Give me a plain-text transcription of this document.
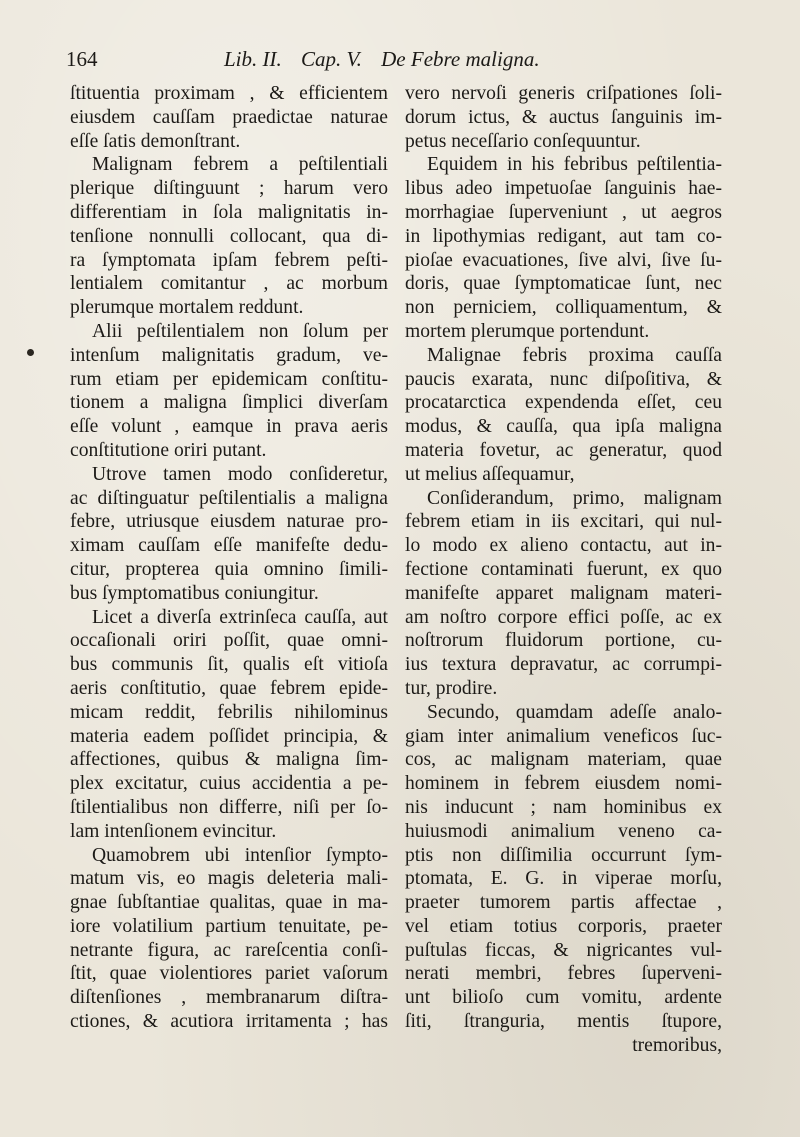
164	Lib. II. Cap. V. De Febre maligna.
ſtituentia proximam , & efficientem
eiusdem cauſſam praedictae naturae
eſſe ſatis demonſtrant.
Malignam febrem a peſtilentiali
plerique diſtinguunt ; harum vero
differentiam in ſola malignitatis in-
tenſione nonnulli collocant, qua di-
ra ſymptomata ipſam febrem peſti-
lentialem comitantur , ac morbum
plerumque mortalem reddunt.
Alii peſtilentialem non ſolum per
intenſum malignitatis gradum, ve-
rum etiam per epidemicam conſtitu-
tionem a maligna ſimplici diverſam
eſſe volunt , eamque in prava aeris
conſtitutione oriri putant.
Utrove tamen modo conſideretur,
ac diſtinguatur peſtilentialis a maligna
febre, utriusque eiusdem naturae pro-
ximam cauſſam eſſe manifeſte dedu-
citur, propterea quia omnino ſimili-
bus ſymptomatibus coniungitur.
Licet a diverſa extrinſeca cauſſa, aut
occaſionali oriri poſſit, quae omni-
bus communis ſit, qualis eſt vitioſa
aeris conſtitutio, quae febrem epide-
micam reddit, febrilis nihilominus
materia eadem poſſidet principia, &
affectiones, quibus & maligna ſim-
plex excitatur, cuius accidentia a pe-
ſtilentialibus non differre, niſi per ſo-
lam intenſionem evincitur.
Quamobrem ubi intenſior ſympto-
matum vis, eo magis deleteria mali-
gnae ſubſtantiae qualitas, quae in ma-
iore volatilium partium tenuitate, pe-
netrante figura, ac rareſcentia conſi-
ſtit, quae violentiores pariet vaſorum
diſtenſiones , membranarum diſtra-
ctiones, & acutiora irritamenta ; has
vero nervoſi generis criſpationes ſoli-
dorum ictus, & auctus ſanguinis im-
petus neceſſario conſequuntur.
Equidem in his febribus peſtilentia-
libus adeo impetuoſae ſanguinis hae-
morrhagiae ſuperveniunt , ut aegros
in lipothymias redigant, aut tam co-
pioſae evacuationes, ſive alvi, ſive ſu-
doris, quae ſymptomaticae ſunt, nec
non perniciem, colliquamentum, &
mortem plerumque portendunt.
Malignae febris proxima cauſſa
paucis exarata, nunc diſpoſitiva, &
procatarctica expendenda eſſet, ceu
modus, & cauſſa, qua ipſa maligna
materia fovetur, ac generatur, quod
ut melius aſſequamur,
Conſiderandum, primo, malignam
febrem etiam in iis excitari, qui nul-
lo modo ex alieno contactu, aut in-
fectione contaminati fuerunt, ex quo
manifeſte apparet malignam materi-
am noſtro corpore effici poſſe, ac ex
noſtrorum fluidorum portione, cu-
ius textura depravatur, ac corrumpi-
tur, prodire.
Secundo, quamdam adeſſe analo-
giam inter animalium veneficos ſuc-
cos, ac malignam materiam, quae
hominem in febrem eiusdem nomi-
nis inducunt ; nam hominibus ex
huiusmodi animalium veneno ca-
ptis non diſſimilia occurrunt ſym-
ptomata, E. G. in viperae morſu,
praeter tumorem partis affectae ,
vel etiam totius corporis, praeter
puſtulas ficcas, & nigricantes vul-
nerati membri, febres ſuperveni-
unt bilioſo cum vomitu, ardente
ſiti, ſtranguria, mentis ſtupore,
tremoribus,
